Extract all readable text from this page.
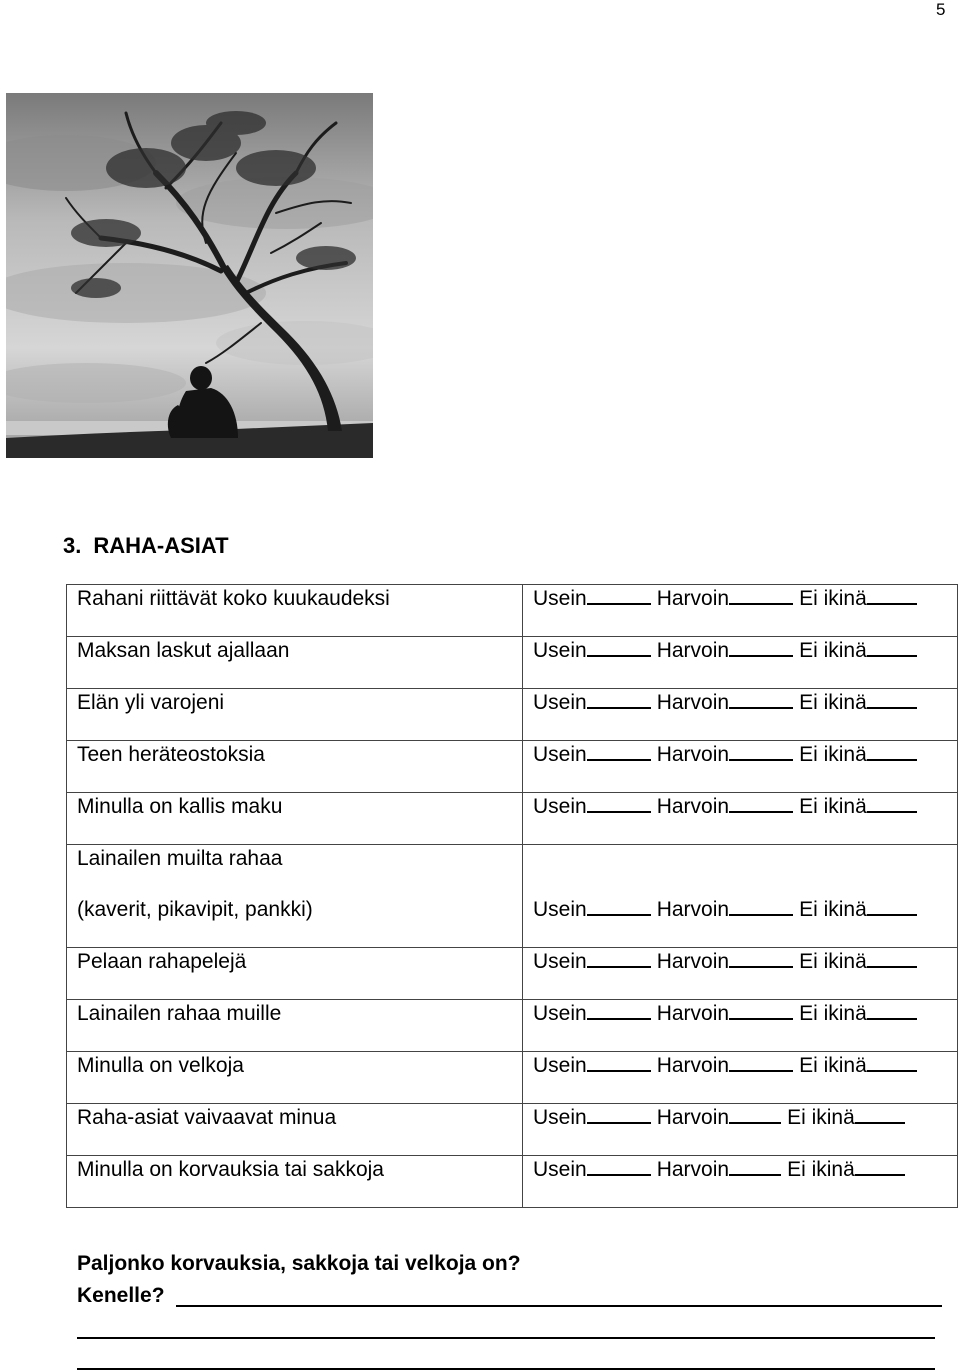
5
3. RAHA-ASIAT
Rahani riittävät koko kuukaudeksi	Usein Harvoin Ei ikinä

Maksan laskut ajallaan	Usein Harvoin Ei ikinä

Elän yli varojeni	Usein Harvoin Ei ikinä

Teen heräteostoksia	Usein Harvoin Ei ikinä

Minulla on kallis maku	Usein Harvoin Ei ikinä

Lainailen muilta rahaa
(kaverit, pikavipit, pankki)	Usein Harvoin Ei ikinä

Pelaan rahapelejä	Usein Harvoin Ei ikinä

Lainailen rahaa muille	Usein Harvoin Ei ikinä

Minulla on velkoja	Usein Harvoin Ei ikinä

Raha-asiat vaivaavat minua	Usein Harvoin Ei ikinä

Minulla on korvauksia tai sakkoja	Usein Harvoin Ei ikinä
Paljonko korvauksia, sakkoja tai velkoja on?
Kenelle?
